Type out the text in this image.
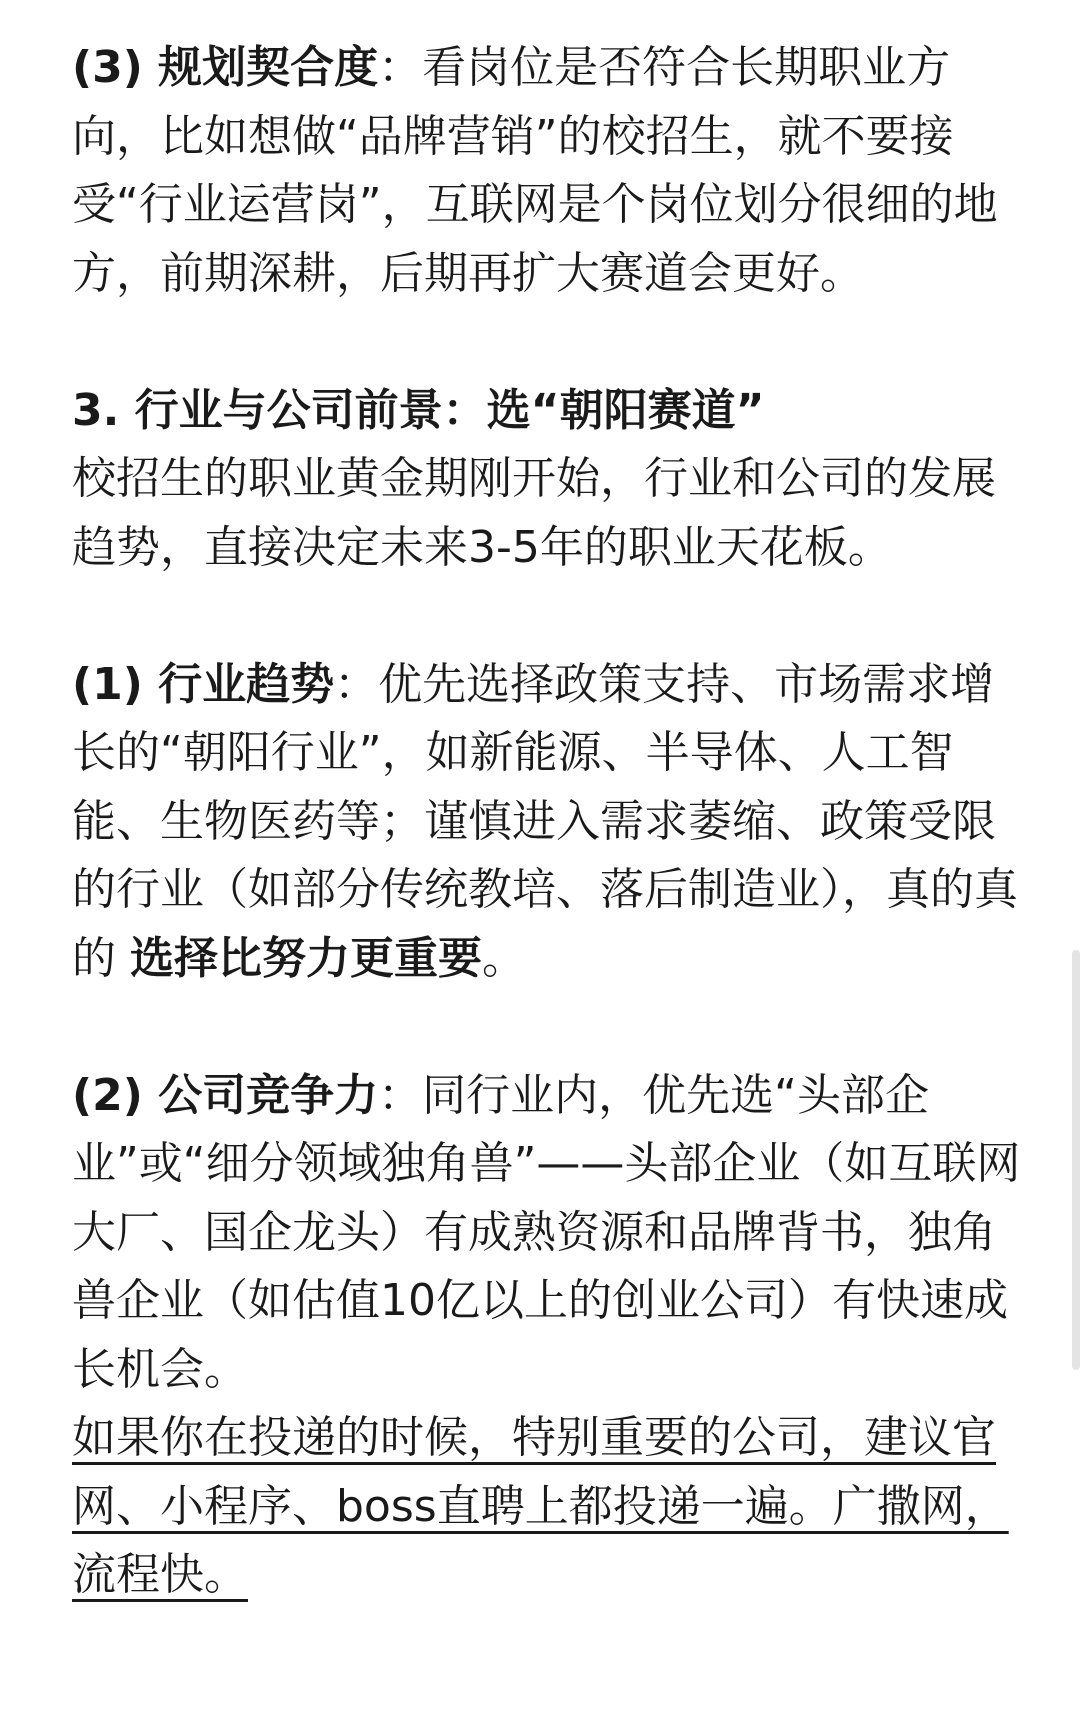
(3) 规划契合度：看岗位是否符合长期职业方向，比如想做“品牌营销”的校招生，就不要接受“行业运营岗”，互联网是个岗位划分很细的地方，前期深耕，后期再扩大赛道会更好。

3. 行业与公司前景：选“朝阳赛道”

校招生的职业黄金期刚开始，行业和公司的发展趋势，直接决定未来3-5年的职业天花板。

(1) 行业趋势：优先选择政策支持、市场需求增长的“朝阳行业”，如新能源、半导体、人工智能、生物医药等；谨慎进入需求萎缩、政策受限的行业（如部分传统教培、落后制造业），真的真的 选择比努力更重要。

(2) 公司竞争力：同行业内，优先选“头部企业”或“细分领域独角兽”——头部企业（如互联网大厂、国企龙头）有成熟资源和品牌背书，独角兽企业（如估值10亿以上的创业公司）有快速成长机会。

如果你在投递的时候，特别重要的公司，建议官网、小程序、boss直聘上都投递一遍。广撒网，流程快。
